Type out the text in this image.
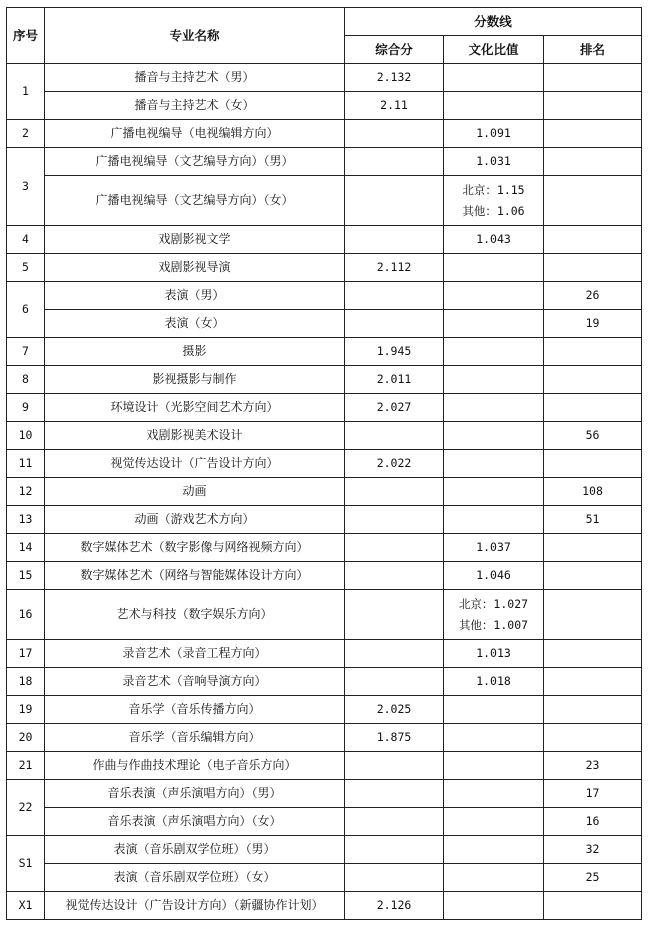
序号	专业名称	分数线		
		综合分	文化比值	排名
1	播音与主持艺术（男）	2.132		
	播音与主持艺术（女）	2.11		
2	广播电视编导（电视编辑方向）		1.091	

3	广播电视编导（文艺编导方向）（男）		1.031	

	广播电视编导（文艺编导方向）（女）		北京：1.15
其他：1.06	

4	戏剧影视文学		1.043	

5	戏剧影视导演	2.112		
6	表演（男）			26
	表演（女）			19
7	摄影	1.945		
8	影视摄影与制作	2.011		
9	环境设计（光影空间艺术方向）	2.027		
10	戏剧影视美术设计			56
11	视觉传达设计（广告设计方向）	2.022		
12	动画			108
13	动画（游戏艺术方向）			51
14	数字媒体艺术（数字影像与网络视频方向）		1.037	

15	数字媒体艺术（网络与智能媒体设计方向）		1.046	

16	艺术与科技（数字娱乐方向）		北京：1.027
其他：1.007	

17	录音艺术（录音工程方向）		1.013	

18	录音艺术（音响导演方向）		1.018	

19	音乐学（音乐传播方向）	2.025		
20	音乐学（音乐编辑方向）	1.875		
21	作曲与作曲技术理论（电子音乐方向）			23
22	音乐表演（声乐演唱方向）（男）			17
	音乐表演（声乐演唱方向）（女）			16
S1	表演（音乐剧双学位班）（男）			32
	表演（音乐剧双学位班）（女）			25
X1	视觉传达设计（广告设计方向）（新疆协作计划）	2.126		
